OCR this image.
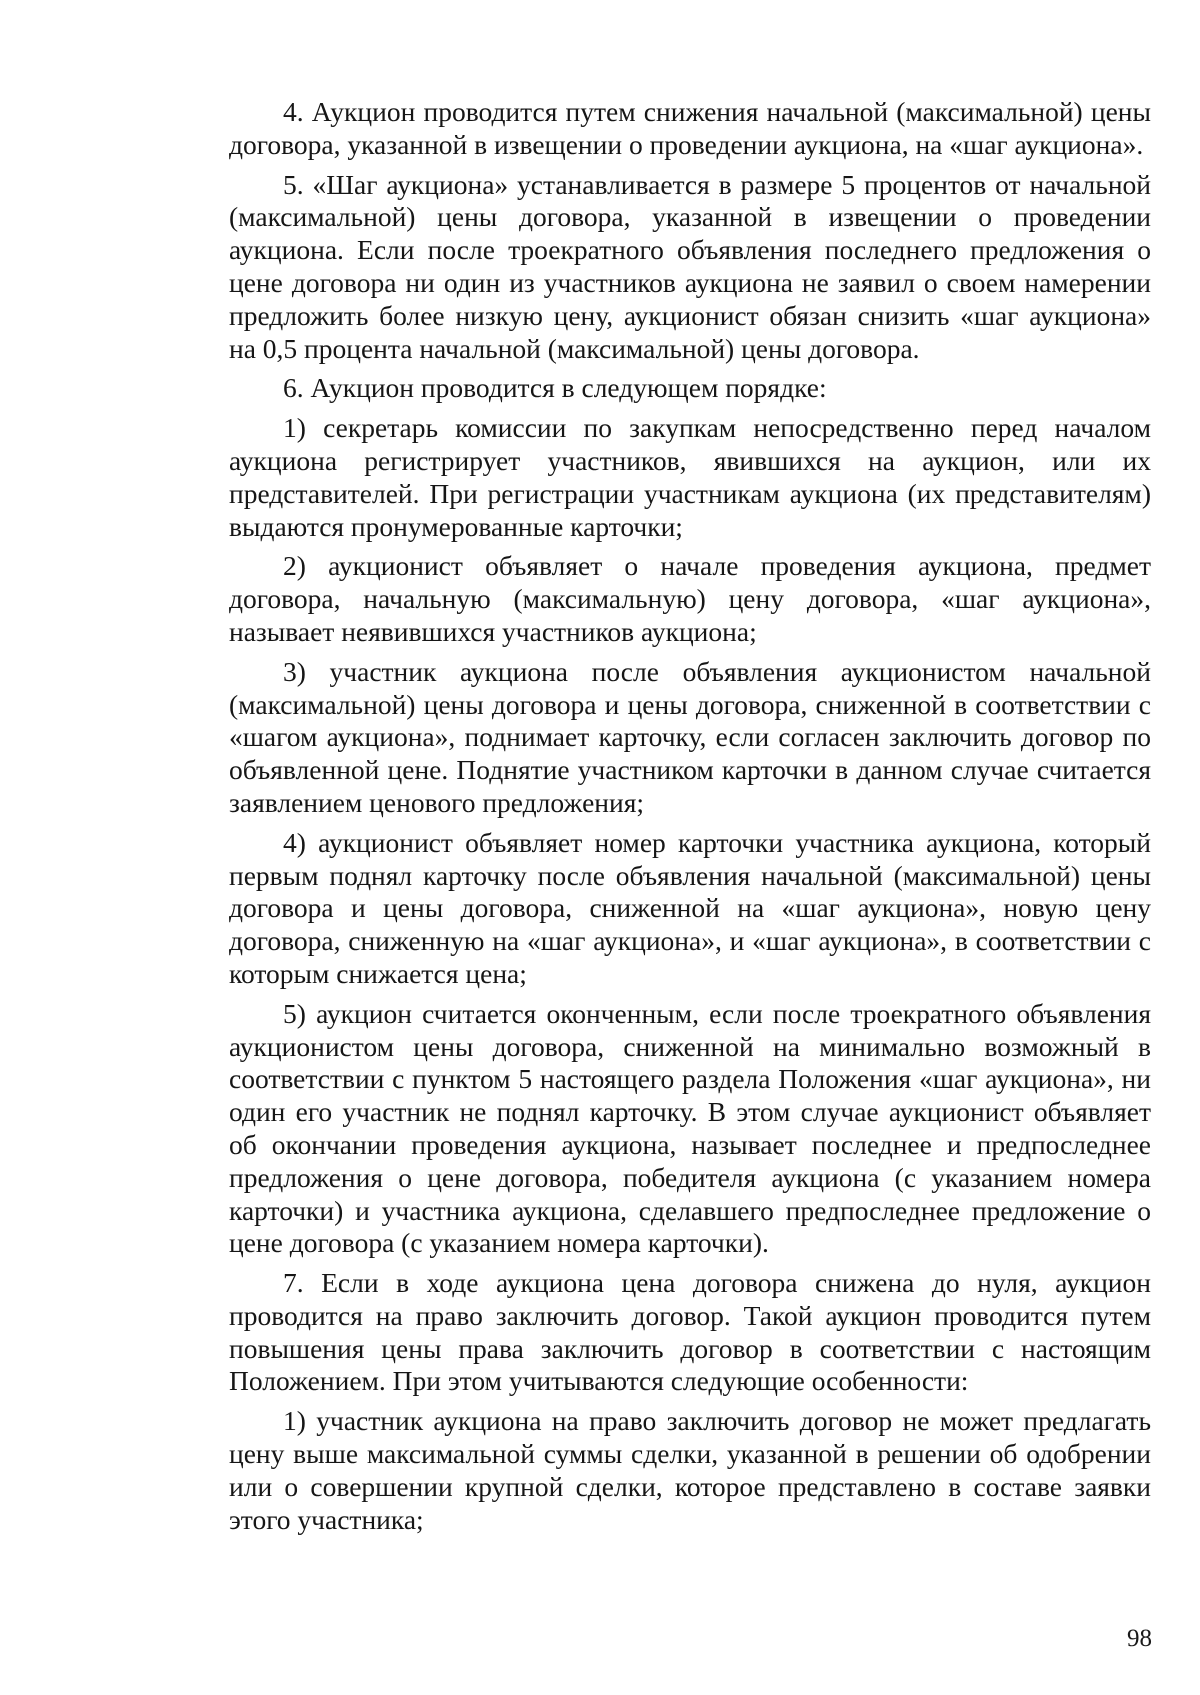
4. Аукцион проводится путем снижения начальной (максимальной) цены договора, указанной в извещении о проведении аукциона, на «шаг аукциона».

5. «Шаг аукциона» устанавливается в размере 5 процентов от начальной (максимальной) цены договора, указанной в извещении о проведении аукциона. Если после троекратного объявления последнего предложения о цене договора ни один из участников аукциона не заявил о своем намерении предложить более низкую цену, аукционист обязан снизить «шаг аукциона» на 0,5 процента начальной (максимальной) цены договора.

6. Аукцион проводится в следующем порядке:

1) секретарь комиссии по закупкам непосредственно перед началом аукциона регистрирует участников, явившихся на аукцион, или их представителей. При регистрации участникам аукциона (их представителям) выдаются пронумерованные карточки;

2) аукционист объявляет о начале проведения аукциона, предмет договора, начальную (максимальную) цену договора, «шаг аукциона», называет неявившихся участников аукциона;

3) участник аукциона после объявления аукционистом начальной (максимальной) цены договора и цены договора, сниженной в соответствии с «шагом аукциона», поднимает карточку, если согласен заключить договор по объявленной цене. Поднятие участником карточки в данном случае считается заявлением ценового предложения;

4) аукционист объявляет номер карточки участника аукциона, который первым поднял карточку после объявления начальной (максимальной) цены договора и цены договора, сниженной на «шаг аукциона», новую цену договора, сниженную на «шаг аукциона», и «шаг аукциона», в соответствии с которым снижается цена;

5) аукцион считается оконченным, если после троекратного объявления аукционистом цены договора, сниженной на минимально возможный в соответствии с пунктом 5 настоящего раздела Положения «шаг аукциона», ни один его участник не поднял карточку. В этом случае аукционист объявляет об окончании проведения аукциона, называет последнее и предпоследнее предложения о цене договора, победителя аукциона (с указанием номера карточки) и участника аукциона, сделавшего предпоследнее предложение о цене договора (с указанием номера карточки).

7. Если в ходе аукциона цена договора снижена до нуля, аукцион проводится на право заключить договор. Такой аукцион проводится путем повышения цены права заключить договор в соответствии с настоящим Положением. При этом учитываются следующие особенности:

1) участник аукциона на право заключить договор не может предлагать цену выше максимальной суммы сделки, указанной в решении об одобрении или о совершении крупной сделки, которое представлено в составе заявки этого участника;

98
